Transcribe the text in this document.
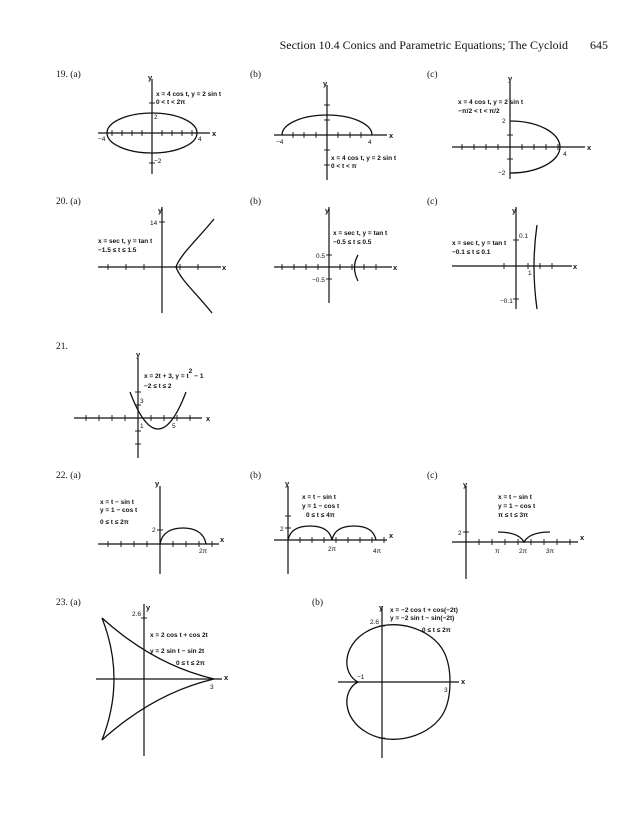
Section 10.4 Conics and Parametric Equations; The Cycloid 645
19. (a)	(b)	(c)
20. (a)	(b)	(c)
21.
22. (a)	(b)	(c)
23. (a)	(b)
x
y
x = 4 cos t, y = 2 sin t
0 < t < 2π
−4	4
2
−2
x
y
x = 4 cos t, y = 2 sin t
0 < t < π
−4	4
x
y
x = 4 cos t, y = 2 sin t
−π/2 < t < π/2
4
2
−2
x
y
x = sec t, y = tan t
−1.5 ≤ t ≤ 1.5
14
x
y
x = sec t, y = tan t
−0.5 ≤ t ≤ 0.5
0.5
−0.5
x
y
x = sec t, y = tan t
−0.1 ≤ t ≤ 0.1
0.1
−0.1
1
x
y
x = 2t + 3, y = t2− 1
−2 ≤ t ≤ 2
3
1	5
x
y
x = t − sin t
y = 1 − cos t
0 ≤ t ≤ 2π
2
2π
x
y
x = t − sin t
y = 1 − cos t
0 ≤ t ≤ 4π
2
2π	4π
x
y
x = t − sin t
y = 1 − cos t
π ≤ t ≤ 3π
2
π	2π	3π
x
y
x = 2 cos t + cos 2t
y = 2 sin t − sin 2t
0 ≤ t ≤ 2π
2.6
3
x
y x = −2 cos t + cos(−2t)
y = −2 sin t − sin(−2t)
0 ≤ t ≤ 2π
2.6
−1
3
